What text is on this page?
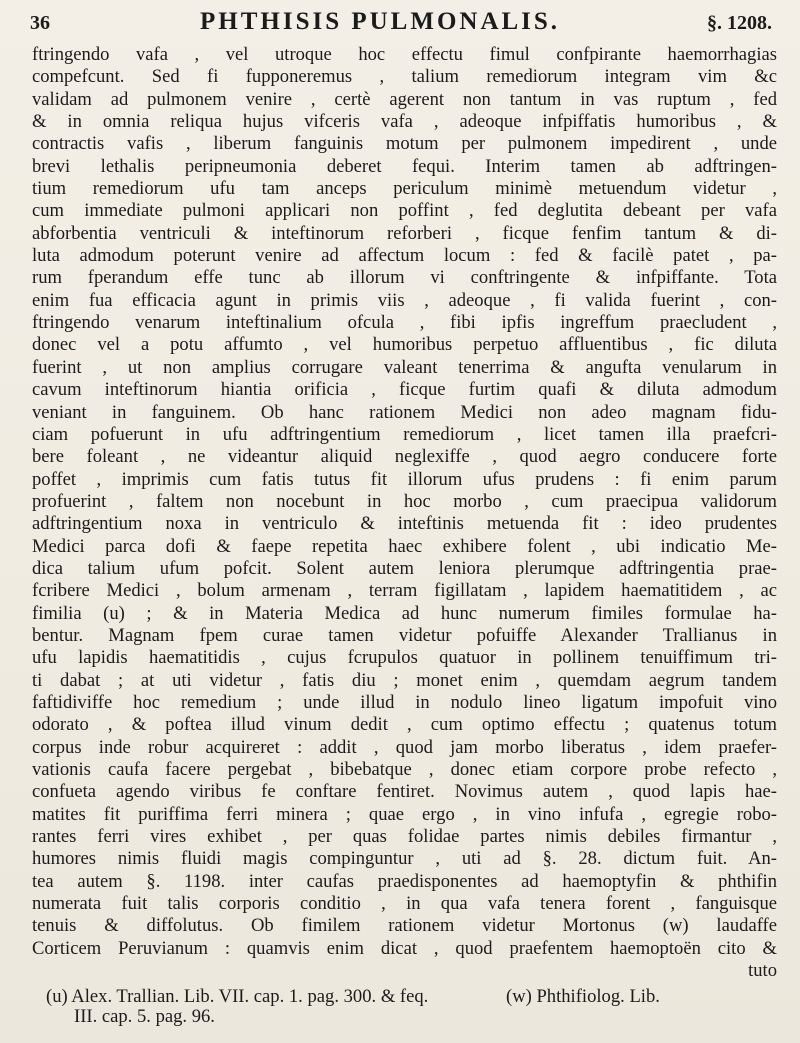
36	PHTHISIS PULMONALIS.	§. 1208.
ftringendo vafa , vel utroque hoc effectu fimul confpirante haemorrhagias
compefcunt. Sed fi fupponeremus , talium remediorum integram vim &c
validam ad pulmonem venire , certè agerent non tantum in vas ruptum , fed
& in omnia reliqua hujus vifceris vafa , adeoque infpiffatis humoribus , &
contractis vafis , liberum fanguinis motum per pulmonem impedirent , unde
brevi lethalis peripneumonia deberet fequi. Interim tamen ab adftringen-
tium remediorum ufu tam anceps periculum minimè metuendum videtur ,
cum immediate pulmoni applicari non poffint , fed deglutita debeant per vafa
abforbentia ventriculi & inteftinorum reforberi , ficque fenfim tantum & di-
luta admodum poterunt venire ad affectum locum : fed & facilè patet , pa-
rum fperandum effe tunc ab illorum vi conftringente & infpiffante. Tota
enim fua efficacia agunt in primis viis , adeoque , fi valida fuerint , con-
ftringendo venarum inteftinalium ofcula , fibi ipfis ingreffum praecludent ,
donec vel a potu affumto , vel humoribus perpetuo affluentibus , fic diluta
fuerint , ut non amplius corrugare valeant tenerrima & angufta venularum in
cavum inteftinorum hiantia orificia , ficque furtim quafi & diluta admodum
veniant in fanguinem. Ob hanc rationem Medici non adeo magnam fidu-
ciam pofuerunt in ufu adftringentium remediorum , licet tamen illa praefcri-
bere foleant , ne videantur aliquid neglexiffe , quod aegro conducere forte
poffet , imprimis cum fatis tutus fit illorum ufus prudens : fi enim parum
profuerint , faltem non nocebunt in hoc morbo , cum praecipua validorum
adftringentium noxa in ventriculo & inteftinis metuenda fit : ideo prudentes
Medici parca dofi & faepe repetita haec exhibere folent , ubi indicatio Me-
dica talium ufum pofcit. Solent autem leniora plerumque adftringentia prae-
fcribere Medici , bolum armenam , terram figillatam , lapidem haematitidem , ac
fimilia (u) ; & in Materia Medica ad hunc numerum fimiles formulae ha-
bentur. Magnam fpem curae tamen videtur pofuiffe Alexander Trallianus in
ufu lapidis haematitidis , cujus fcrupulos quatuor in pollinem tenuiffimum tri-
ti dabat ; at uti videtur , fatis diu ; monet enim , quemdam aegrum tandem
faftidiviffe hoc remedium ; unde illud in nodulo lineo ligatum impofuit vino
odorato , & poftea illud vinum dedit , cum optimo effectu ; quatenus totum
corpus inde robur acquireret : addit , quod jam morbo liberatus , idem praefer-
vationis caufa facere pergebat , bibebatque , donec etiam corpore probe refecto ,
confueta agendo viribus fe conftare fentiret. Novimus autem , quod lapis hae-
matites fit puriffima ferri minera ; quae ergo , in vino infufa , egregie robo-
rantes ferri vires exhibet , per quas folidae partes nimis debiles firmantur ,
humores nimis fluidi magis compinguntur , uti ad §. 28. dictum fuit. An-
tea autem §. 1198. inter caufas praedisponentes ad haemoptyfin & phthifin
numerata fuit talis corporis conditio , in qua vafa tenera forent , fanguisque
tenuis & diffolutus. Ob fimilem rationem videtur Mortonus (w) laudaffe
Corticem Peruvianum : quamvis enim dicat , quod praefentem haemoptoën cito &
tuto
(u) Alex. Trallian. Lib. VII. cap. 1. pag. 300. & feq.	(w) Phthifiolog. Lib.
III. cap. 5. pag. 96.
